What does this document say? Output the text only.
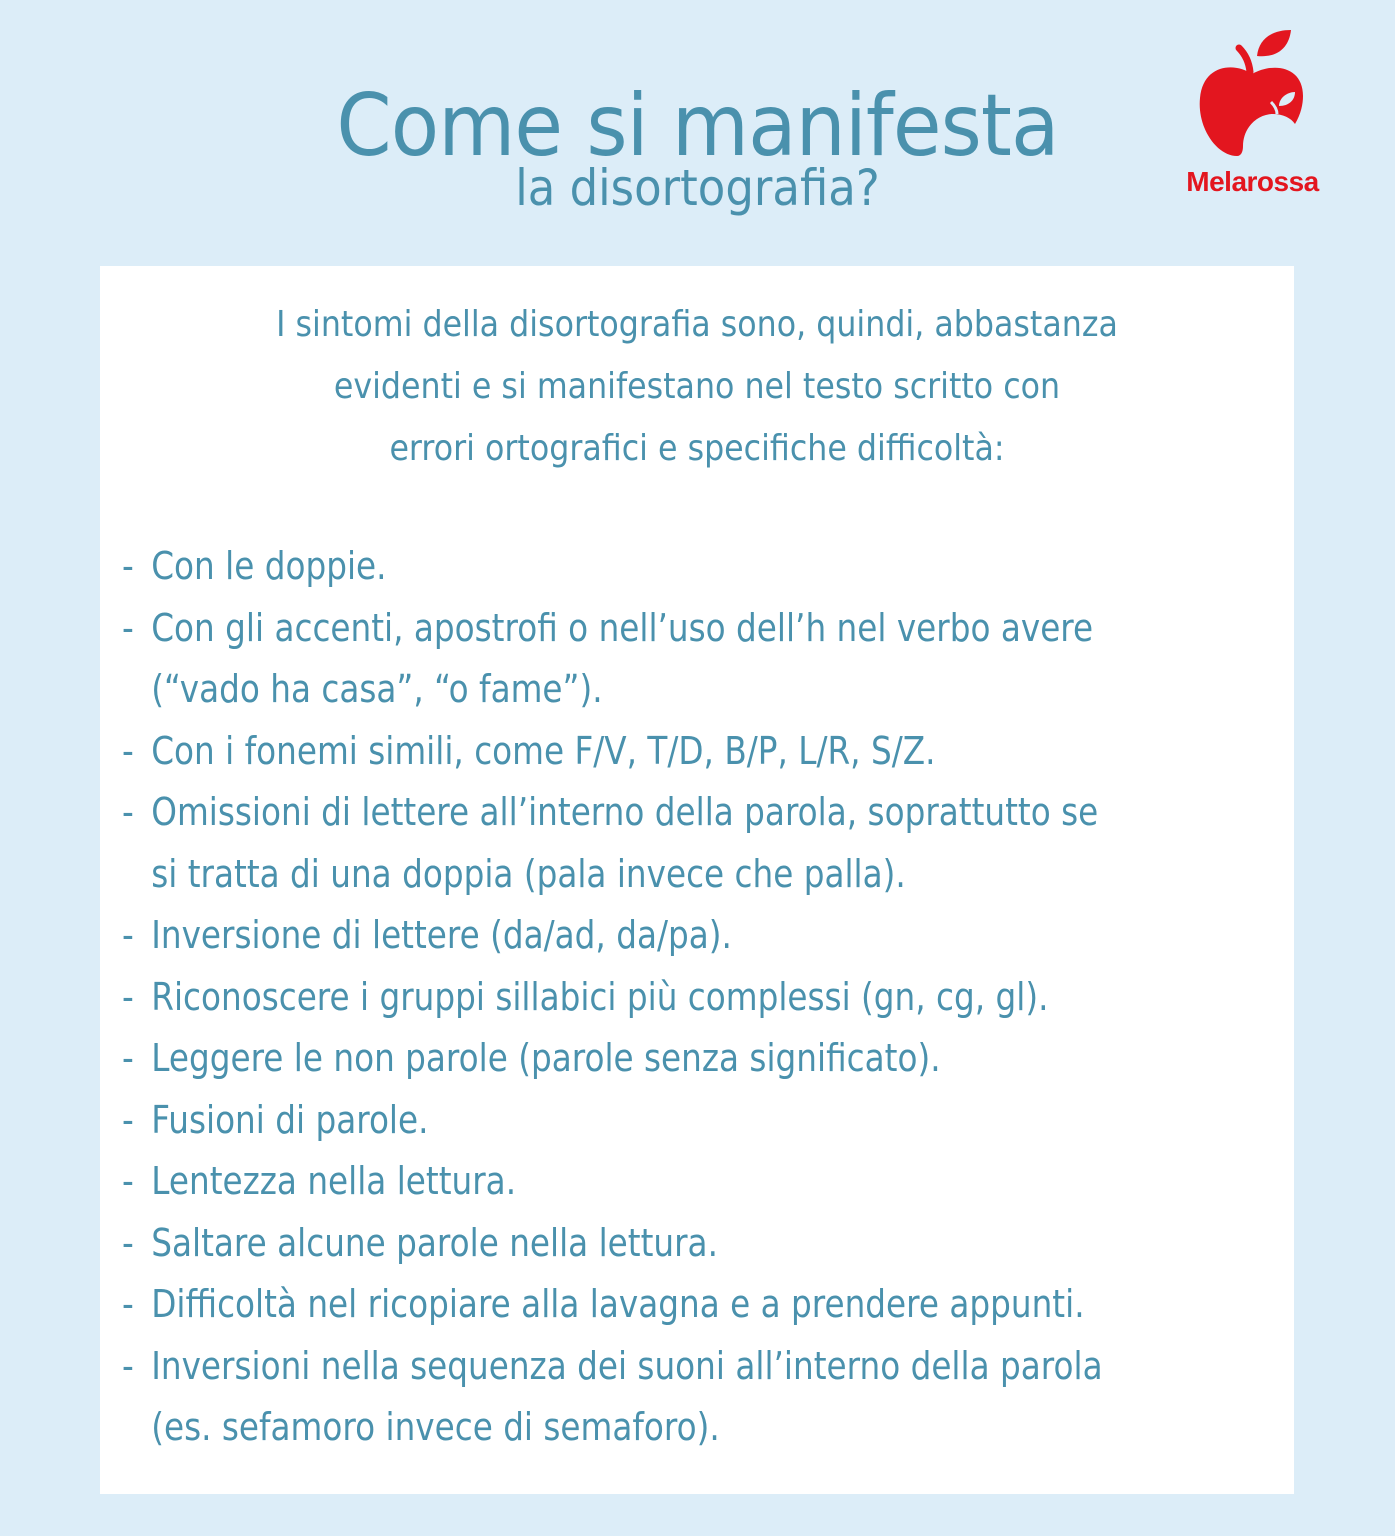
Come si manifesta
la disortografia?	Melarossa
I sintomi della disortografia sono, quindi, abbastanza
evidenti e si manifestano nel testo scritto con
errori ortografici e specifiche difficoltà:
- Con le doppie.
- Con gli accenti, apostrofi o nell’uso dell’h nel verbo avere
(“vado ha casa”, “o fame”).
- Con i fonemi simili, come F/V, T/D, B/P, L/R, S/Z.
- Omissioni di lettere all’interno della parola, soprattutto se
si tratta di una doppia (pala invece che palla).
- Inversione di lettere (da/ad, da/pa).
- Riconoscere i gruppi sillabici più complessi (gn, cg, gl).
- Leggere le non parole (parole senza significato).
- Fusioni di parole.
- Lentezza nella lettura.
- Saltare alcune parole nella lettura.
- Difficoltà nel ricopiare alla lavagna e a prendere appunti.
- Inversioni nella sequenza dei suoni all’interno della parola
(es. sefamoro invece di semaforo).
